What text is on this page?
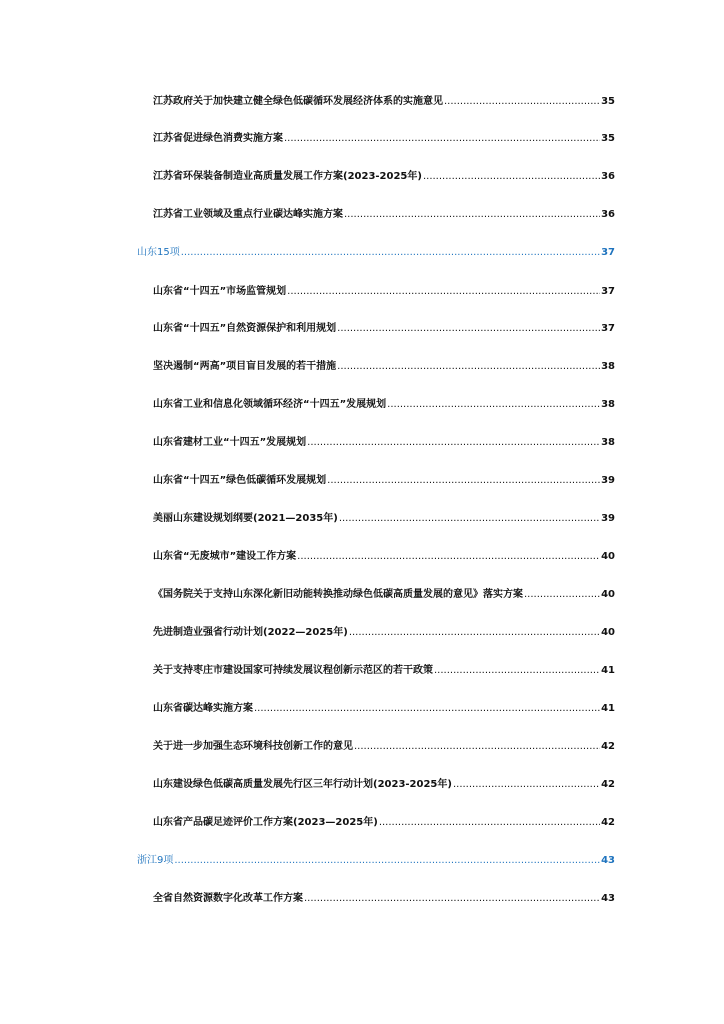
江苏政府关于加快建立健全绿色低碳循环发展经济体系的实施意见 .....	35
江苏省促进绿色消费实施方案 .....	35
江苏省环保装备制造业高质量发展工作方案(2023-2025年) .....	36
江苏省工业领域及重点行业碳达峰实施方案 .....	36
山东15项 .....	37
山东省“十四五”市场监管规划 .....	37
山东省“十四五”自然资源保护和利用规划 .....	37
坚决遏制“两高”项目盲目发展的若干措施 .....	38
山东省工业和信息化领域循环经济“十四五”发展规划 .....	38
山东省建材工业“十四五”发展规划 .....	38
山东省“十四五”绿色低碳循环发展规划 .....	39
美丽山东建设规划纲要(2021—2035年) .....	39
山东省“无废城市”建设工作方案 .....	40
《国务院关于支持山东深化新旧动能转换推动绿色低碳高质量发展的意见》落实方案 .....	40
先进制造业强省行动计划(2022—2025年) .....	40
关于支持枣庄市建设国家可持续发展议程创新示范区的若干政策 .....	41
山东省碳达峰实施方案 .....	41
关于进一步加强生态环境科技创新工作的意见 .....	42
山东建设绿色低碳高质量发展先行区三年行动计划(2023-2025年) .....	42
山东省产品碳足迹评价工作方案(2023—2025年) .....	42
浙江9项 .....	43
全省自然资源数字化改革工作方案 .....	43
